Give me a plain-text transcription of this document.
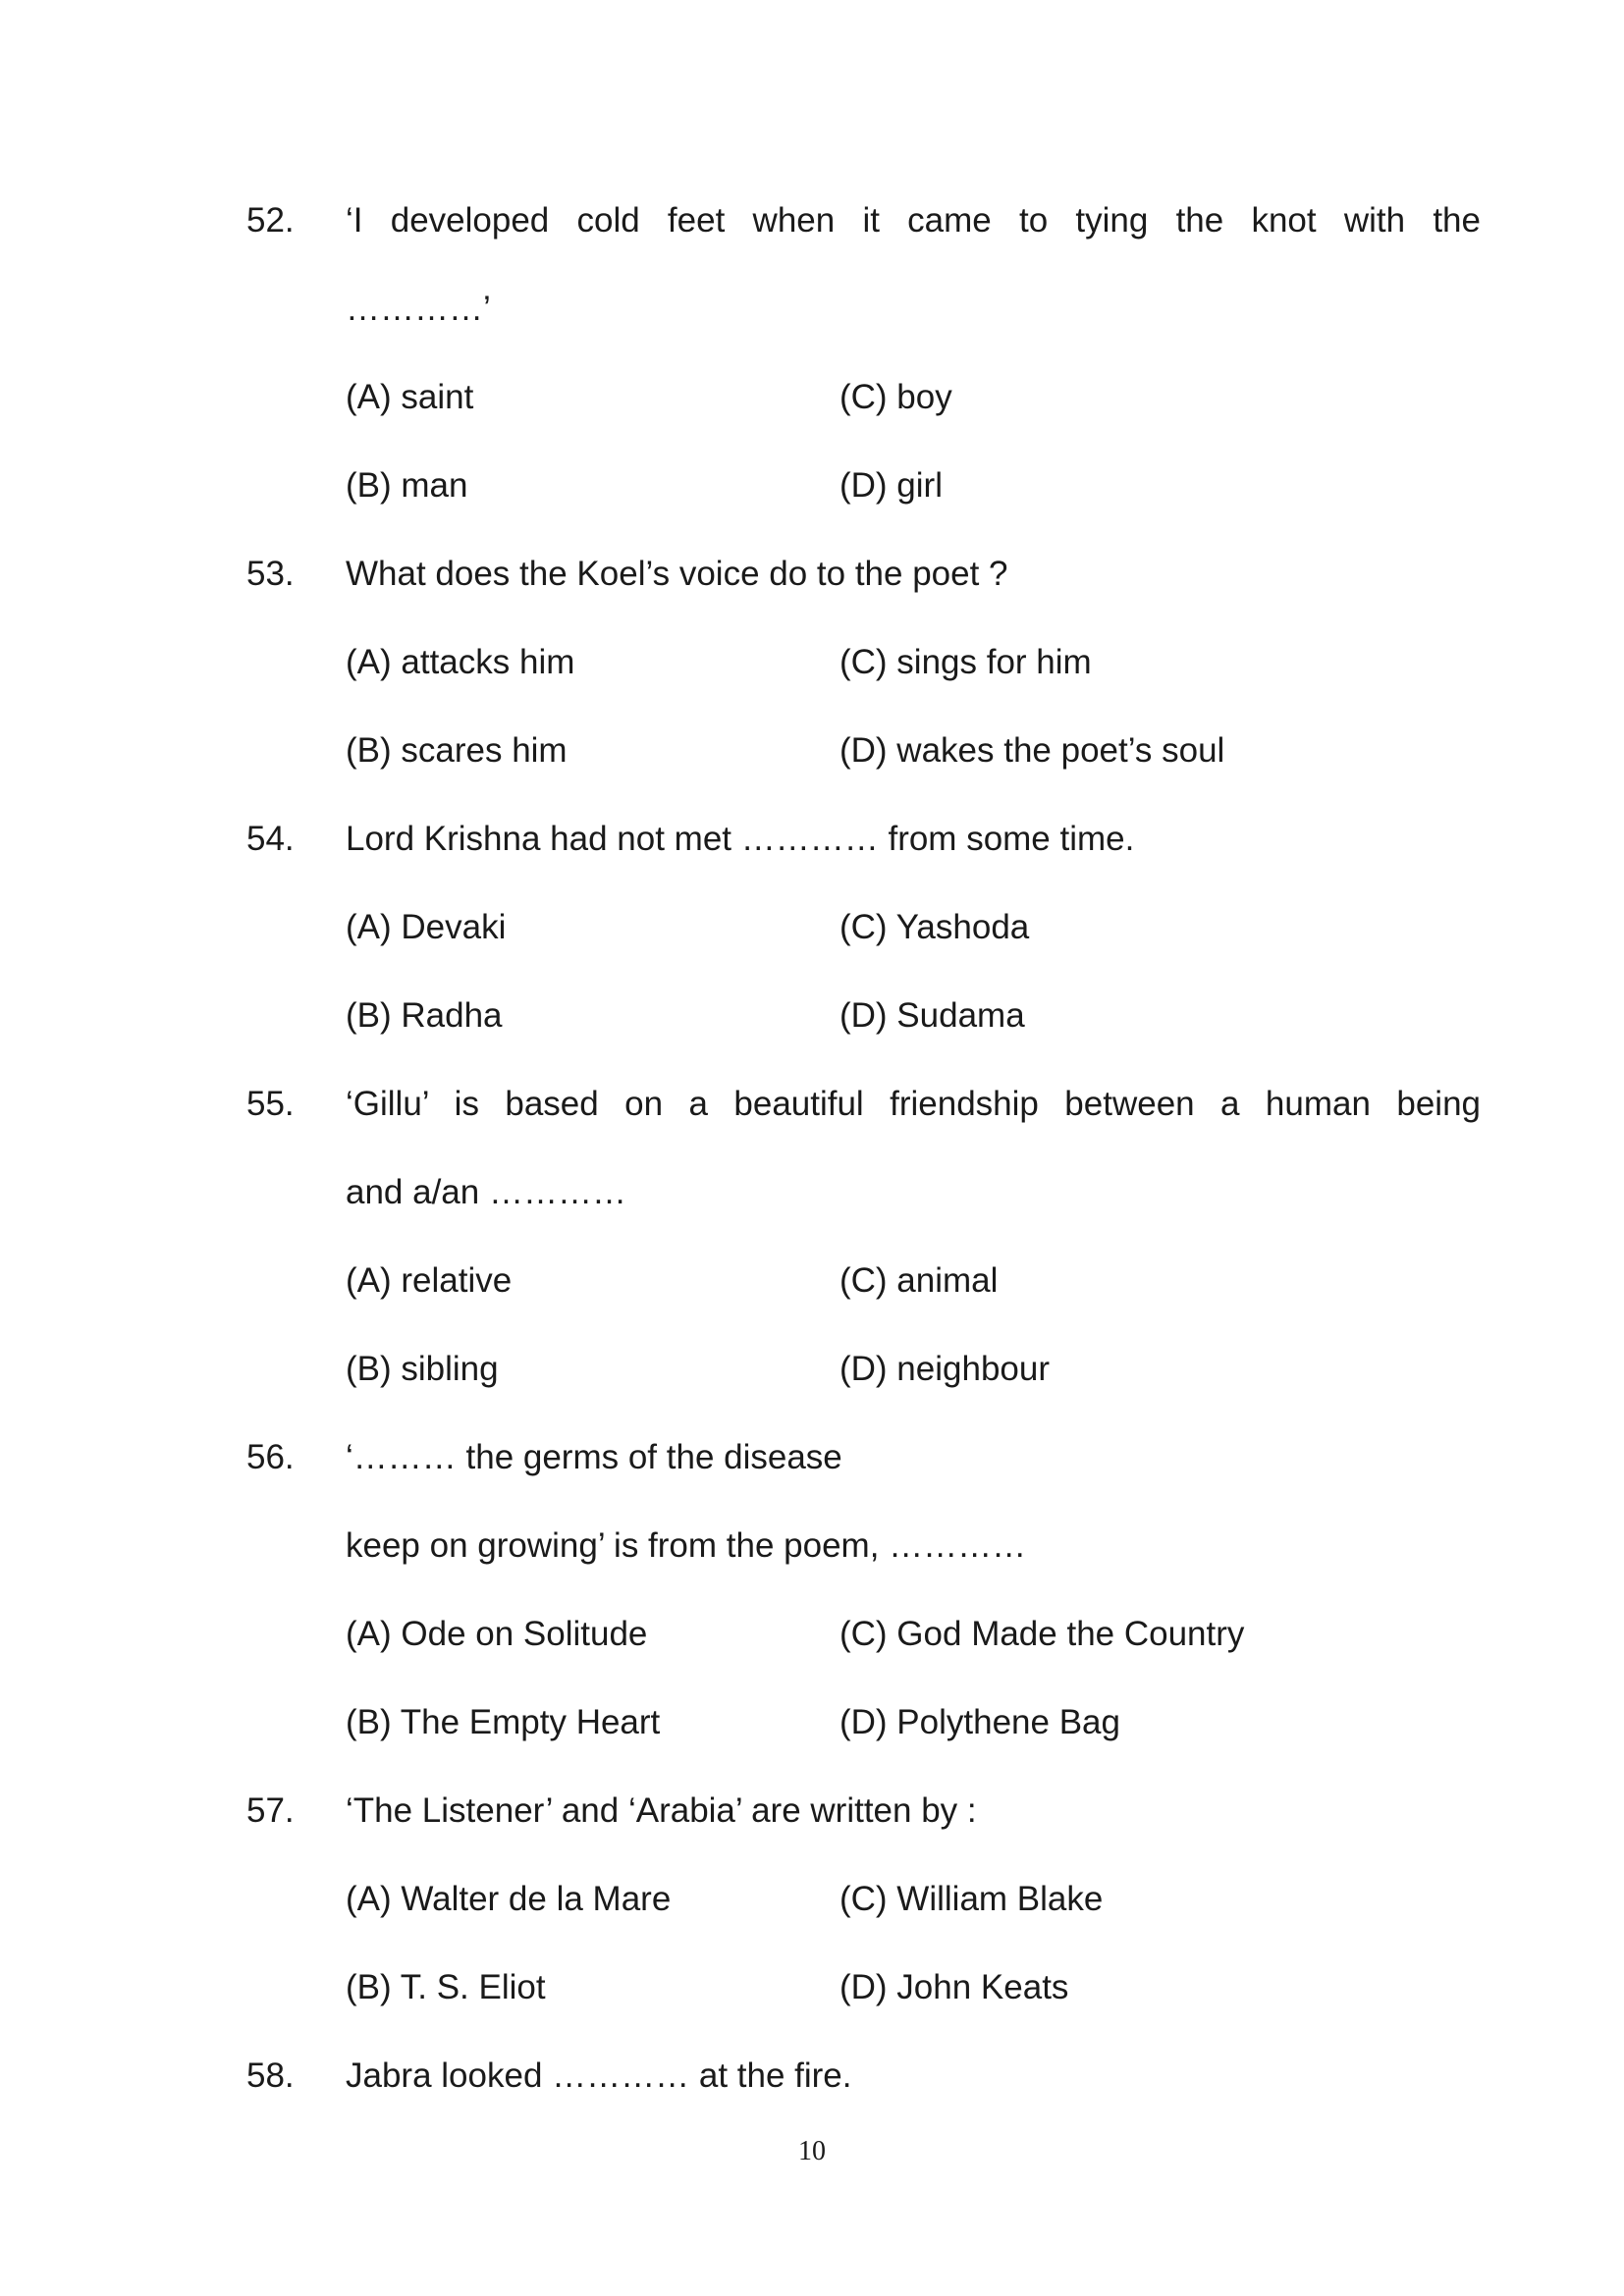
52. ‘I developed cold feet when it came to tying the knot with the
…………’
(A) saint	(C) boy
(B) man	(D) girl
53. What does the Koel’s voice do to the poet ?
(A) attacks him	(C) sings for him
(B) scares him	(D) wakes the poet’s soul
54. Lord Krishna had not met ………… from some time.
(A) Devaki	(C) Yashoda
(B) Radha	(D) Sudama
55. ‘Gillu’ is based on a beautiful friendship between a human being
and a/an …………
(A) relative	(C) animal
(B) sibling	(D) neighbour
56. ‘……… the germs of the disease
keep on growing’ is from the poem, …………
(A) Ode on Solitude	(C) God Made the Country
(B) The Empty Heart	(D) Polythene Bag
57. ‘The Listener’ and ‘Arabia’ are written by :
(A) Walter de la Mare	(C) William Blake
(B) T. S. Eliot	(D) John Keats
58. Jabra looked ………… at the fire.
10
